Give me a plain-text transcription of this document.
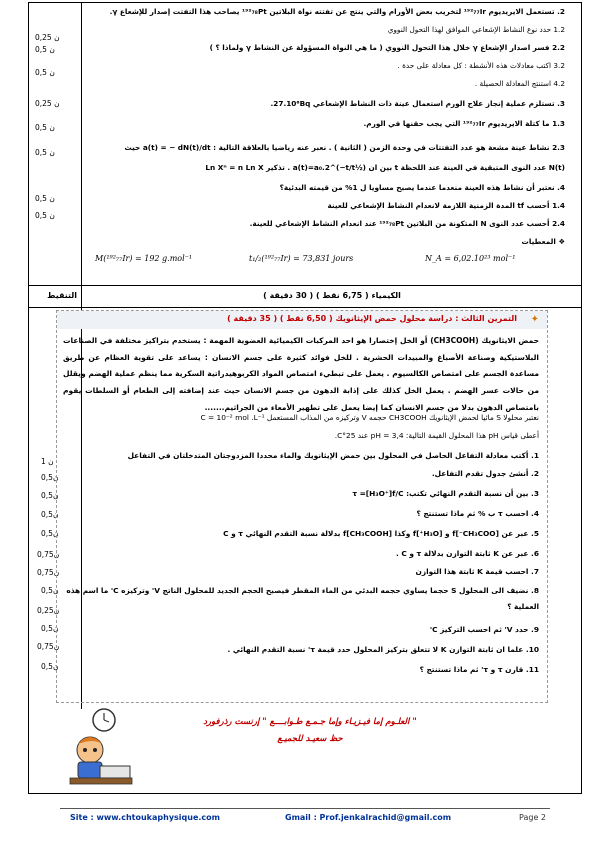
0,25 ن
0,5 ن
0,5 ن
0,25 ن
0,5 ن
0,5 ن
0,5 ن
0,5 ن
2. تستعمل الايريديوم ¹⁹²₇₇Ir لتخريب بعض الأورام والتي ينتج عن تفتته نواة البلاتين ¹⁹²₇₈Pt يصاحب هذا التفتت إصدار للإشعاع γ.
1.2 حدد نوع النشاط الإشعاعي الموافق لهذا التحول النووي
2.2 فسر اصدار الإشعاع γ خلال هذا التحول النووي ( ما هي النواة المسؤولة عن النشاط γ ولماذا ؟ )
3.2 اكتب معادلات هذه الأنشطة : كل معادلة على حدة .
4.2 استنتج المعادلة الحصيلة .
3. تستلزم عملية إنجاز علاج الورم استعمال عينة ذات النشاط الإشعاعي 27.10⁶Bq.
1.3 ما كتلة الايريديوم ¹⁹²₇₇Ir التي يجب حقنها في الورم.
2.3 نشاط عينة مشعة هو عدد التفتتات في وحدة الزمن ( الثانية ) . نعبر عنه رياضيا بالعلاقة التالية : a(t) = − dN(t)/dt حيث
N(t) عدد النوى المتبقية في العينة عند اللحظة t بين ان a(t)=a₀.2^(−t/t½) . تذكير Ln Xⁿ = n Ln X
4. نعتبر أن نشاط هذه العينة منعدما عندما يصبح مساويا ل 1% من قيمته البدئية؟
1.4 أحسب tf المدة الزمنية اللازمة لانعدام النشاط الإشعاعي للعينة
2.4 أحسب عدد النوى N المتكونة من البلاتين ¹⁹²₇₈Pt عند انعدام النشاط الإشعاعي للعينة.
❖ المعطيات
M(¹⁹²₇₇Ir) = 192 g.mol⁻¹	t₁/₂(¹⁹²₇₇Ir) = 73,831 jours	N_A = 6,02.10²³ mol⁻¹
التنقيط	الكيمياء ( 6,75 نقط ) ( 30 دقيقة )
1 ن
0,5ن
0,5ن
0,5ن
0,5ن
0,75ن
0,75ن
0,5ن
0,25ن
0,5ن
0,75ن
0,5ن
✦
التمرين الثالث : دراسة محلول حمض الإيثانويك ( 6,50 نقط ) ( 35 دقيقة )
حمض الايثانويك (CH3COOH) أو الخل إختصارا هو احد المركبات الكيميائية العضوية المهمة : يستخدم بتراكيز مختلفة في الصناعات البلاستيكية وصناعة الأصباغ والمبيدات الحشرية . للخل فوائد كثيرة على جسم الانسان : يساعد على تقوية العظام عن طريق مساعدة الجسم على امتصاص الكالسيوم . يعمل على تبطيء امتصاص المواد الكربوهيدراتية السكرية مما ينظم عملية الهضم ويقلل من حالات عسر الهضم . يعمل الخل كذلك على إذابة الدهون من جسم الانسان حيث عند إضافته إلى الطعام أو السلطات يقوم بامتصاص الدهون بدلا من جسم الانسان كما إيضا يعمل على تطهير الأمعاء من الجراثيم.......
نعتبر محلولا S مائيا لحمض الإيثانويك CH3COOH حجمه V وتركيزه من المذاب المستعمل C = 10⁻² mol .L⁻¹
أعطى قياس pH هذا المحلول القيمة التالية: pH = 3,4 عند 25°C.
1. أكتب معادلة التفاعل الحاصل في المحلول بين حمض الإيثانويك والماء محددا المزدوجتان المتدخلتان في التفاعل
2. أنشئ جدول تقدم التفاعل.
3. بين أن نسبة التقدم النهائي تكتب: τ =[H₃O⁺]f/C
4. احسب τ ب % ثم ماذا تستنتج ؟
5. عبر عن [CH₃COO⁻]f و [H₃O⁺]f وكذا [CH₃COOH]f بدلالة نسبة التقدم النهائي τ و C
6. عبر عن K ثابتة التوازن بدلالة τ و C .
7. احسب قيمة K ثابتة هذا التوازن
8. نضيف الى المحلول S حجما يساوي حجمه البدئي من الماء المقطر فيصبح الحجم الجديد للمحلول الناتج V' وتركيزه C' ما اسم هذه العملية ؟
9. حدد V' ثم احسب التركيز C'
10. علما ان ثابتة التوازن K لا تتعلق بتركيز المحلول حدد قيمة τ' نسبة التقدم النهائي .
11. قارن τ و τ' ثم ماذا تستنتج ؟
" العلـوم إما فيـزيـاء وإما جـمـع طـوابــــع " إرنست رذرفورد
حظ سعيـد للجميـع
Site : www.chtoukaphysique.com	Gmail : Prof.jenkalrachid@gmail.com	Page 2
